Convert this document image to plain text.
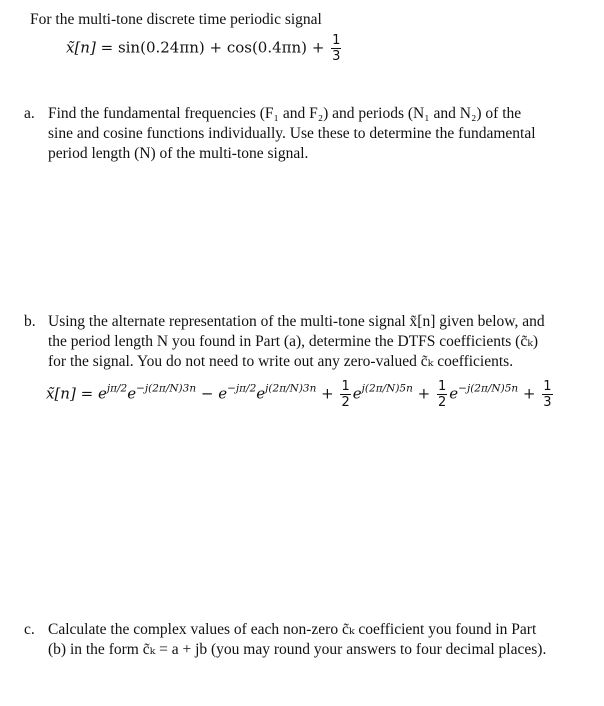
For the multi-tone discrete time periodic signal
x̃[n] = $\sin(0.24\pi n) + \cos(0.4\pi n) + \frac{1}{3}$
a. Find the fundamental frequencies (F₁ and F₂) and periods (N₁ and N₂) of the
sine and cosine functions individually. Use these to determine the fundamental
period length (N) of the multi-tone signal.
b. Using the alternate representation of the multi-tone signal x̃[n] given below, and
the period length N you found in Part (a), determine the DTFS coefficients (c̃ₖ)
for the signal. You do not need to write out any zero-valued c̃ₖ coefficients.
x̃[n] = $e^{j\pi/2}e^{-j(2\pi/N)3n} - e^{-j\pi/2}e^{j(2\pi/N)3n} + \frac{1}{2} e^{j(2\pi/N)5n} + \frac{1}{2} e^{-j(2\pi/N)5n} + \frac{1}{3}$
c. Calculate the complex values of each non-zero c̃ₖ coefficient you found in Part
(b) in the form c̃ₖ = a + jb (you may round your answers to four decimal places).
